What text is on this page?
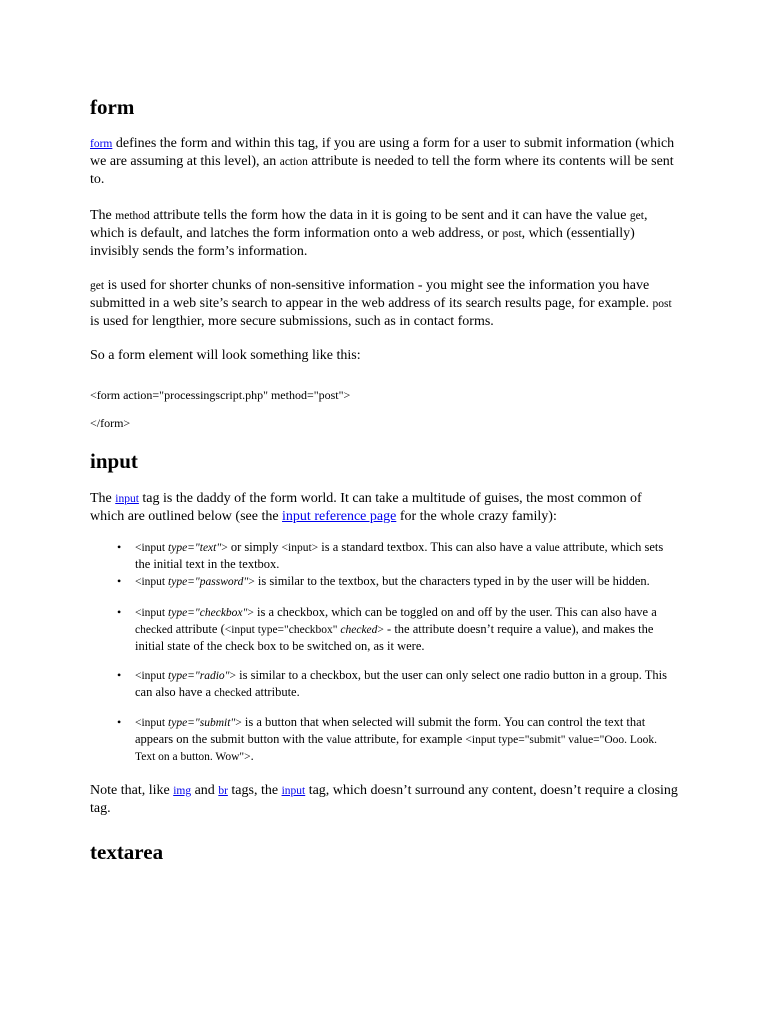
form

form defines the form and within this tag, if you are using a form for a user to submit information (which we are assuming at this level), an action attribute is needed to tell the form where its contents will be sent to.

The method attribute tells the form how the data in it is going to be sent and it can have the value get, which is default, and latches the form information onto a web address, or post, which (essentially) invisibly sends the form’s information.

get is used for shorter chunks of non-sensitive information - you might see the information you have submitted in a web site’s search to appear in the web address of its search results page, for example. post is used for lengthier, more secure submissions, such as in contact forms.

So a form element will look something like this:

<form action="processingscript.php" method="post">

</form>

input

The input tag is the daddy of the form world. It can take a multitude of guises, the most common of which are outlined below (see the input reference page for the whole crazy family):

• <input type="text"> or simply <input> is a standard textbox. This can also have a value attribute, which sets the initial text in the textbox.
• <input type="password"> is similar to the textbox, but the characters typed in by the user will be hidden.
• <input type="checkbox"> is a checkbox, which can be toggled on and off by the user. This can also have a checked attribute (<input type="checkbox" checked> - the attribute doesn’t require a value), and makes the initial state of the check box to be switched on, as it were.
• <input type="radio"> is similar to a checkbox, but the user can only select one radio button in a group. This can also have a checked attribute.
• <input type="submit"> is a button that when selected will submit the form. You can control the text that appears on the submit button with the value attribute, for example <input type="submit" value="Ooo. Look. Text on a button. Wow">.

Note that, like img and br tags, the input tag, which doesn’t surround any content, doesn’t require a closing tag.

textarea
